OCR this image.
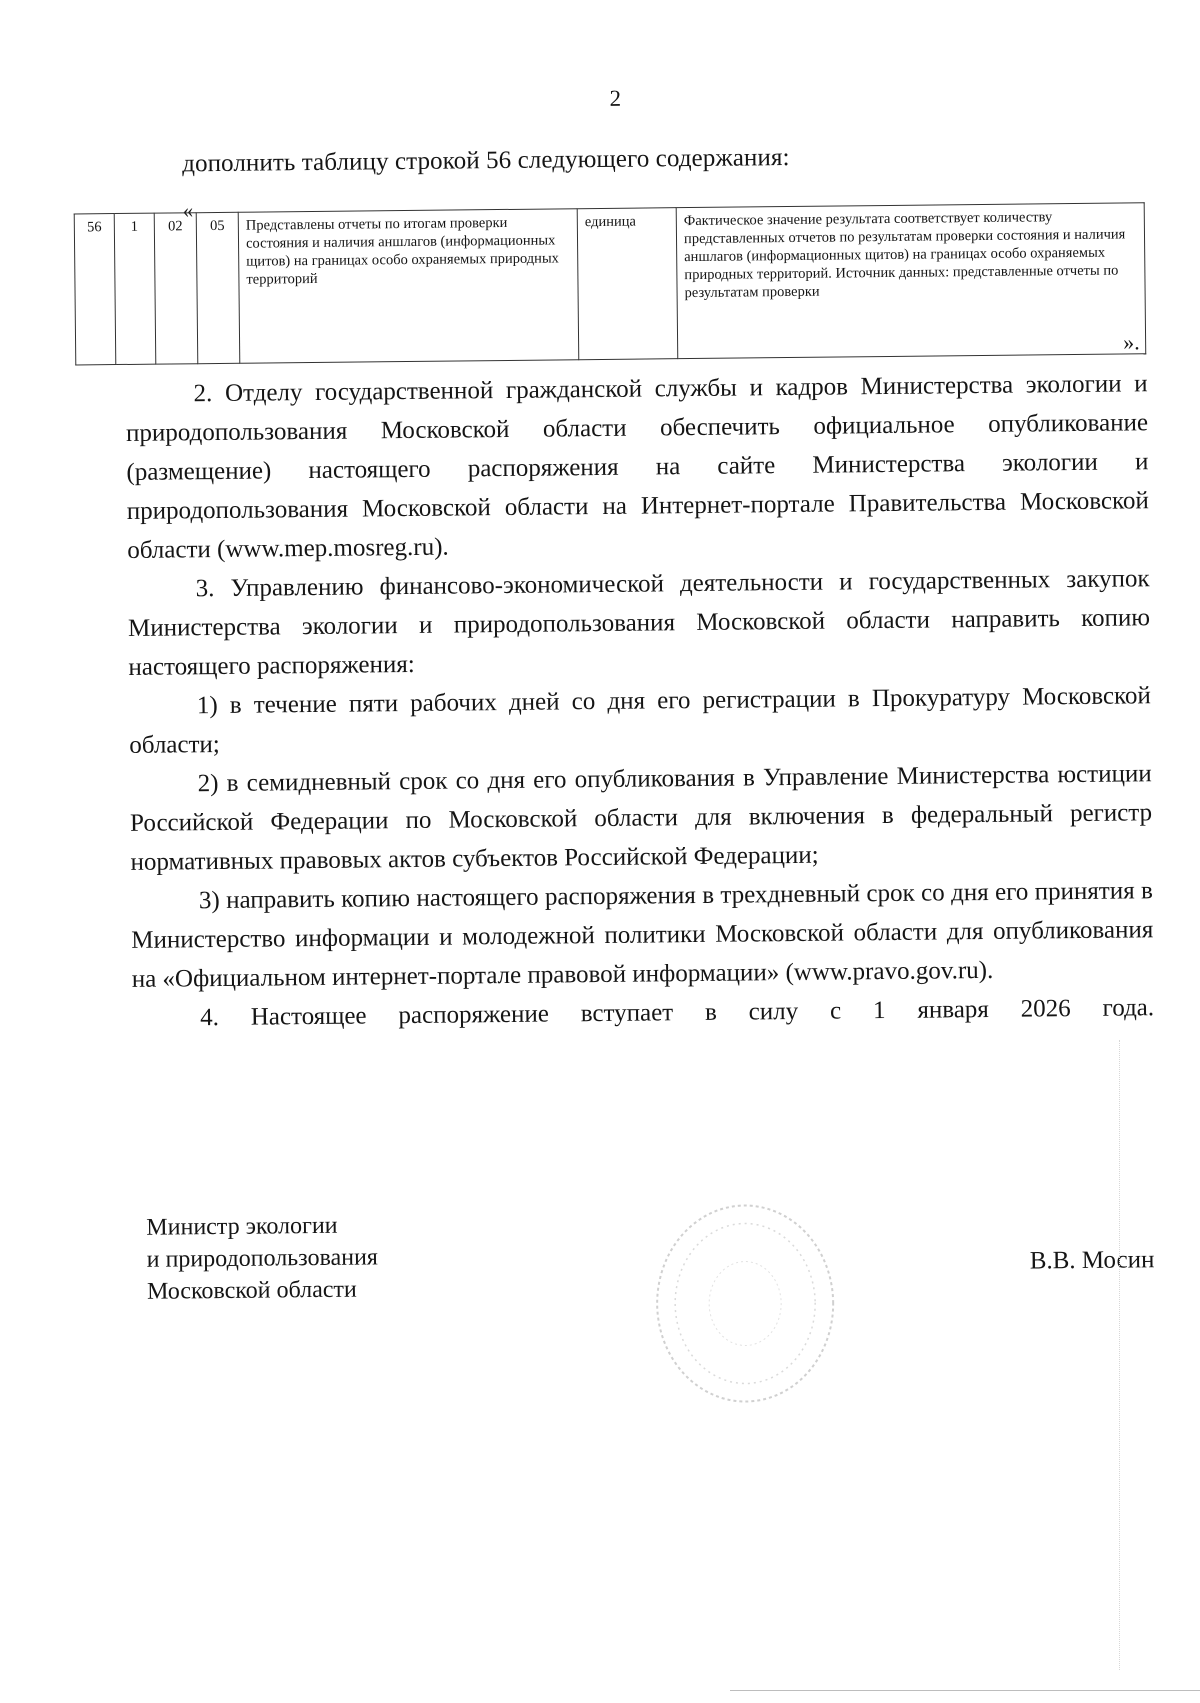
2
дополнить таблицу строкой 56 следующего содержания:
«
56	1	02	05	Представлены отчеты по итогам проверки состояния и наличия аншлагов (информационных щитов) на границах особо охраняемых природных территорий	единица	Фактическое значение результата соответствует количеству представленных отчетов по результатам проверки состояния и наличия аншлагов (информационных щитов) на границах особо охраняемых природных территорий. Источник данных: представленные отчеты по результатам проверки
».

2. Отделу государственной гражданской службы и кадров Министерства экологии и природопользования Московской области обеспечить официальное опубликование (размещение) настоящего распоряжения на сайте Министерства экологии и природопользования Московской области на Интернет-портале Правительства Московской области (www.mep.mosreg.ru).

3. Управлению финансово-экономической деятельности и государственных закупок Министерства экологии и природопользования Московской области направить копию настоящего распоряжения:

1) в течение пяти рабочих дней со дня его регистрации в Прокуратуру Московской области;

2) в семидневный срок со дня его опубликования в Управление Министерства юстиции Российской Федерации по Московской области для включения в федеральный регистр нормативных правовых актов субъектов Российской Федерации;

3) направить копию настоящего распоряжения в трехдневный срок со дня его принятия в Министерство информации и молодежной политики Московской области для опубликования на «Официальном интернет-портале правовой информации» (www.pravo.gov.ru).

4. Настоящее распоряжение вступает в силу с 1 января 2026 года.

Министр экологии
и природопользования
Московской области
В.В. Мосин
